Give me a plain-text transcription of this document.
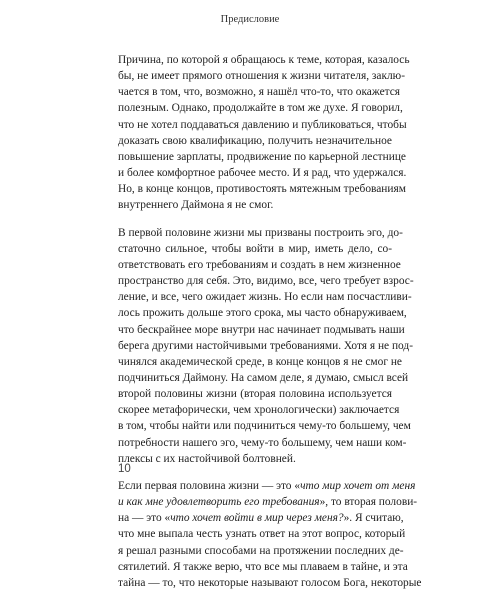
Предисловие
Причина, по которой я обращаюсь к теме, которая, казалось
бы, не имеет прямого отношения к жизни читателя, заклю-
чается в том, что, возможно, я нашёл что-то, что окажется
полезным. Однако, продолжайте в том же духе. Я говорил,
что не хотел поддаваться давлению и публиковаться, чтобы
доказать свою квалификацию, получить незначительное
повышение зарплаты, продвижение по карьерной лестнице
и более комфортное рабочее место. И я рад, что удержался.
Но, в конце концов, противостоять мятежным требованиям
внутреннего Даймона я не смог.
В первой половине жизни мы призваны построить эго, до-
статочно сильное, чтобы войти в мир, иметь дело, со-
ответствовать его требованиям и создать в нем жизненное
пространство для себя. Это, видимо, все, чего требует взрос-
ление, и все, чего ожидает жизнь. Но если нам посчастливи-
лось прожить дольше этого срока, мы часто обнаруживаем,
что бескрайнее море внутри нас начинает подмывать наши
берега другими настойчивыми требованиями. Хотя я не под-
чинялся академической среде, в конце концов я не смог не
подчиниться Даймону. На самом деле, я думаю, смысл всей
второй половины жизни (вторая половина используется
скорее метафорически, чем хронологически) заключается
в том, чтобы найти или подчиниться чему-то большему, чем
потребности нашего эго, чему-то большему, чем наши ком-
плексы с их настойчивой болтовней.
Если первая половина жизни — это «что мир хочет от меня
и как мне удовлетворить его требования», то вторая полови-
на — это «что хочет войти в мир через меня?». Я считаю,
что мне выпала честь узнать ответ на этот вопрос, который
я решал разными способами на протяжении последних де-
сятилетий. Я также верю, что все мы плаваем в тайне, и эта
тайна — то, что некоторые называют голосом Бога, некоторые
10
